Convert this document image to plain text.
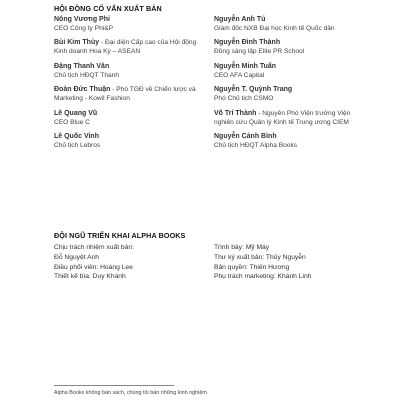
HỘI ĐỒNG CỐ VẤN XUẤT BẢN
Nông Vương Phi
CEO Công ty Phi&P
Bùi Kim Thùy - Đại diện Cấp cao của Hội đồng Kinh doanh Hoa Kỳ – ASEAN
Đặng Thanh Vân
Chủ tịch HĐQT Thanh
Đoàn Đức Thuận - Phó TGĐ về Chiến lược và Marketing - Kowil Fashion
Lê Quang Vũ
CEO Blue C
Lê Quốc Vinh
Chủ tịch Lebros
Nguyễn Anh Tú
Giám đốc NXB Đại học Kinh tế Quốc dân
Nguyễn Đình Thành
Đồng sáng lập Elite PR School
Nguyễn Minh Tuấn
CEO AFA Capital
Nguyễn T. Quỳnh Trang
Phó Chủ tịch CSMO
Võ Trí Thành - Nguyên Phó Viện trưởng Viện nghiên cứu Quản lý Kinh tế Trung ương CIEM
Nguyễn Cảnh Bình
Chủ tịch HĐQT Alpha Books
ĐỘI NGŨ TRIỂN KHAI ALPHA BOOKS
Chịu trách nhiệm xuất bản:
Đỗ Nguyệt Anh
Điều phối viên: Hoàng Lee
Thiết kế bìa: Duy Khánh
Trình bày: Mỹ Máy
Thư ký xuất bản: Thủy Nguyễn
Bản quyền: Thiên Hương
Phụ trách marketing: Khánh Linh
Alpha Books không bán sách, chúng tôi bán những kinh nghiệm
